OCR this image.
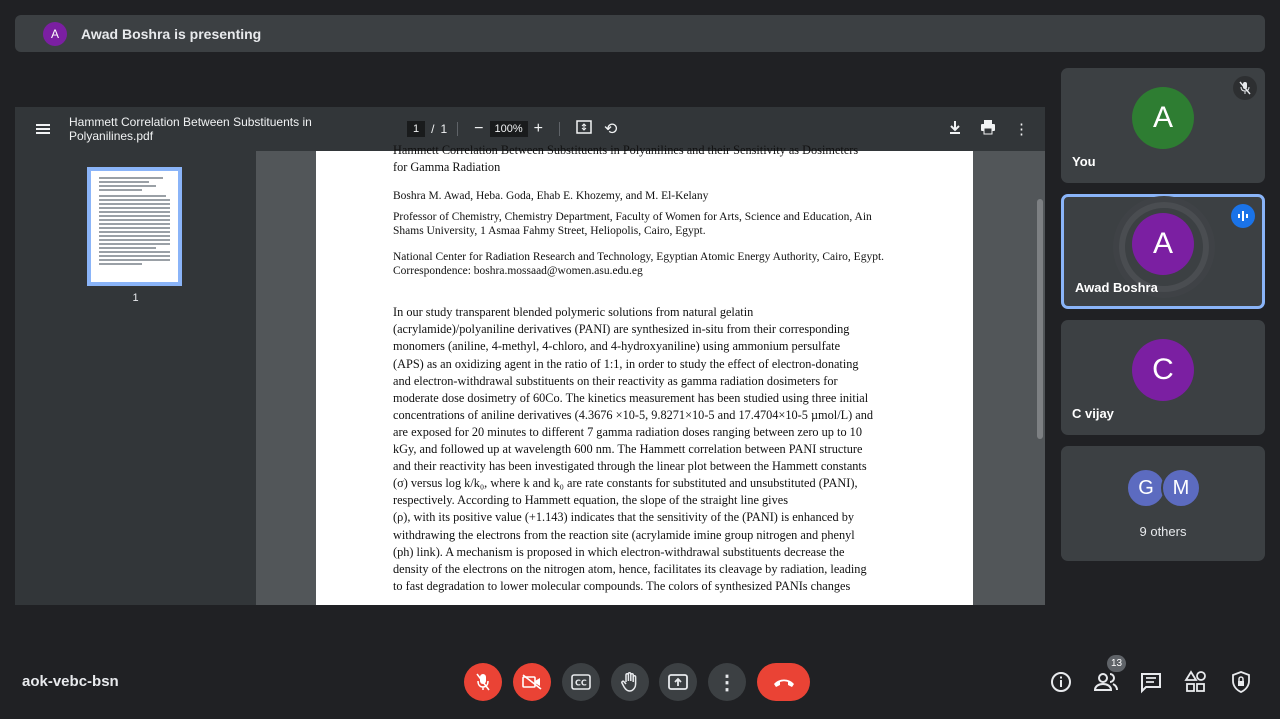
A	Awad Boshra is presenting
Hammett Correlation Between Substituents in Polyanilines.pdf	1	/ 1 −	100% +	⟲	⋮
1
Hammett Correlation Between Substituents in Polyanilines and their Sensitivity as Dosimeters
for Gamma Radiation
Boshra M. Awad, Heba. Goda, Ehab E. Khozemy, and M. El-Kelany
Professor of Chemistry, Chemistry Department, Faculty of Women for Arts, Science and Education, Ain Shams University, 1 Asmaa Fahmy Street, Heliopolis, Cairo, Egypt.
National Center for Radiation Research and Technology, Egyptian Atomic Energy Authority, Cairo, Egypt.
Correspondence: boshra.mossaad@women.asu.edu.eg
In our study transparent blended polymeric solutions from natural gelatin
(acrylamide)/polyaniline derivatives (PANI) are synthesized in-situ from their corresponding
monomers (aniline, 4-methyl, 4-chloro, and 4-hydroxyaniline) using ammonium persulfate
(APS) as an oxidizing agent in the ratio of 1:1, in order to study the effect of electron-donating
and electron-withdrawal substituents on their reactivity as gamma radiation dosimeters for
moderate dose dosimetry of 60Co. The kinetics measurement has been studied using three initial
concentrations of aniline derivatives (4.3676 ×10-5, 9.8271×10-5 and 17.4704×10-5 µmol/L) and
are exposed for 20 minutes to different 7 gamma radiation doses ranging between zero up to 10
kGy, and followed up at wavelength 600 nm. The Hammett correlation between PANI structure
and their reactivity has been investigated through the linear plot between the Hammett constants
(σ) versus log k/k₀, where k and k₀ are rate constants for substituted and unsubstituted (PANI),
respectively. According to Hammett equation, the slope of the straight line gives
(ρ), with its positive value (+1.143) indicates that the sensitivity of the (PANI) is enhanced by
withdrawing the electrons from the reaction site (acrylamide imine group nitrogen and phenyl
(ph) link). A mechanism is proposed in which electron-withdrawal substituents decrease the
density of the electrons on the nitrogen atom, hence, facilitates its cleavage by radiation, leading
to fast degradation to lower molecular compounds. The colors of synthesized PANIs changes
A
You
A
Awad Boshra
C
C vijay
G M
9 others
aok-vebc-bsn	CC	⋮
13
